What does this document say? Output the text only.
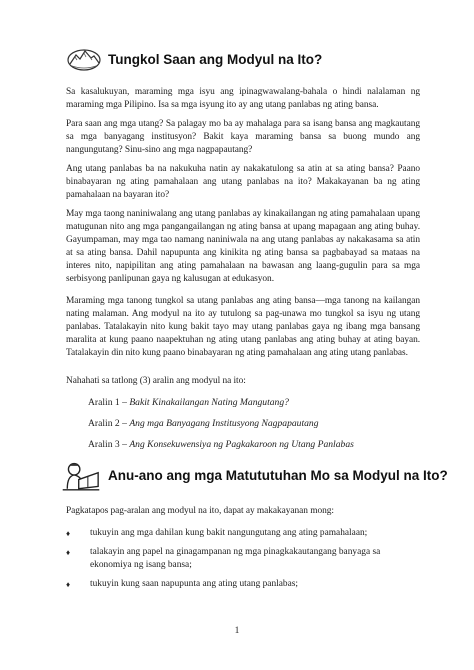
Tungkol Saan ang Modyul na Ito?

Sa kasalukuyan, maraming mga isyu ang ipinagwawalang-bahala o hindi nalalaman ng maraming mga Pilipino. Isa sa mga isyung ito ay ang utang panlabas ng ating bansa.

Para saan ang mga utang? Sa palagay mo ba ay mahalaga para sa isang bansa ang magkautang sa mga banyagang institusyon? Bakit kaya maraming bansa sa buong mundo ang nangungutang? Sinu-sino ang mga nagpapautang?

Ang utang panlabas ba na nakukuha natin ay nakakatulong sa atin at sa ating bansa? Paano binabayaran ng ating pamahalaan ang utang panlabas na ito? Makakayanan ba ng ating pamahalaan na bayaran ito?

May mga taong naniniwalang ang utang panlabas ay kinakailangan ng ating pamahalaan upang matugunan nito ang mga pangangailangan ng ating bansa at upang mapagaan ang ating buhay. Gayumpaman, may mga tao namang naniniwala na ang utang panlabas ay nakakasama sa atin at sa ating bansa. Dahil napupunta ang kinikita ng ating bansa sa pagbabayad sa mataas na interes nito, napipilitan ang ating pamahalaan na bawasan ang laang-gugulin para sa mga serbisyong panlipunan gaya ng kalusugan at edukasyon.

Maraming mga tanong tungkol sa utang panlabas ang ating bansa—mga tanong na kailangan nating malaman. Ang modyul na ito ay tutulong sa pag-unawa mo tungkol sa isyu ng utang panlabas. Tatalakayin nito kung bakit tayo may utang panlabas gaya ng ibang mga bansang maralita at kung paano naapektuhan ng ating utang panlabas ang ating buhay at ating bayan. Tatalakayin din nito kung paano binabayaran ng ating pamahalaan ang ating utang panlabas.

Nahahati sa tatlong (3) aralin ang modyul na ito:

Aralin 1 – Bakit Kinakailangan Nating Mangutang?
Aralin 2 – Ang mga Banyagang Institusyong Nagpapautang
Aralin 3 – Ang Konsekuwensiya ng Pagkakaroon ng Utang Panlabas
Anu-ano ang mga Matututuhan Mo sa Modyul na Ito?

Pagkatapos pag-aralan ang modyul na ito, dapat ay makakayanan mong:

♦ tukuyin ang mga dahilan kung bakit nangungutang ang ating pamahalaan;
♦ talakayin ang papel na ginagampanan ng mga pinagkakautangang banyaga sa ekonomiya ng isang bansa;
♦ tukuyin kung saan napupunta ang ating utang panlabas;
1
